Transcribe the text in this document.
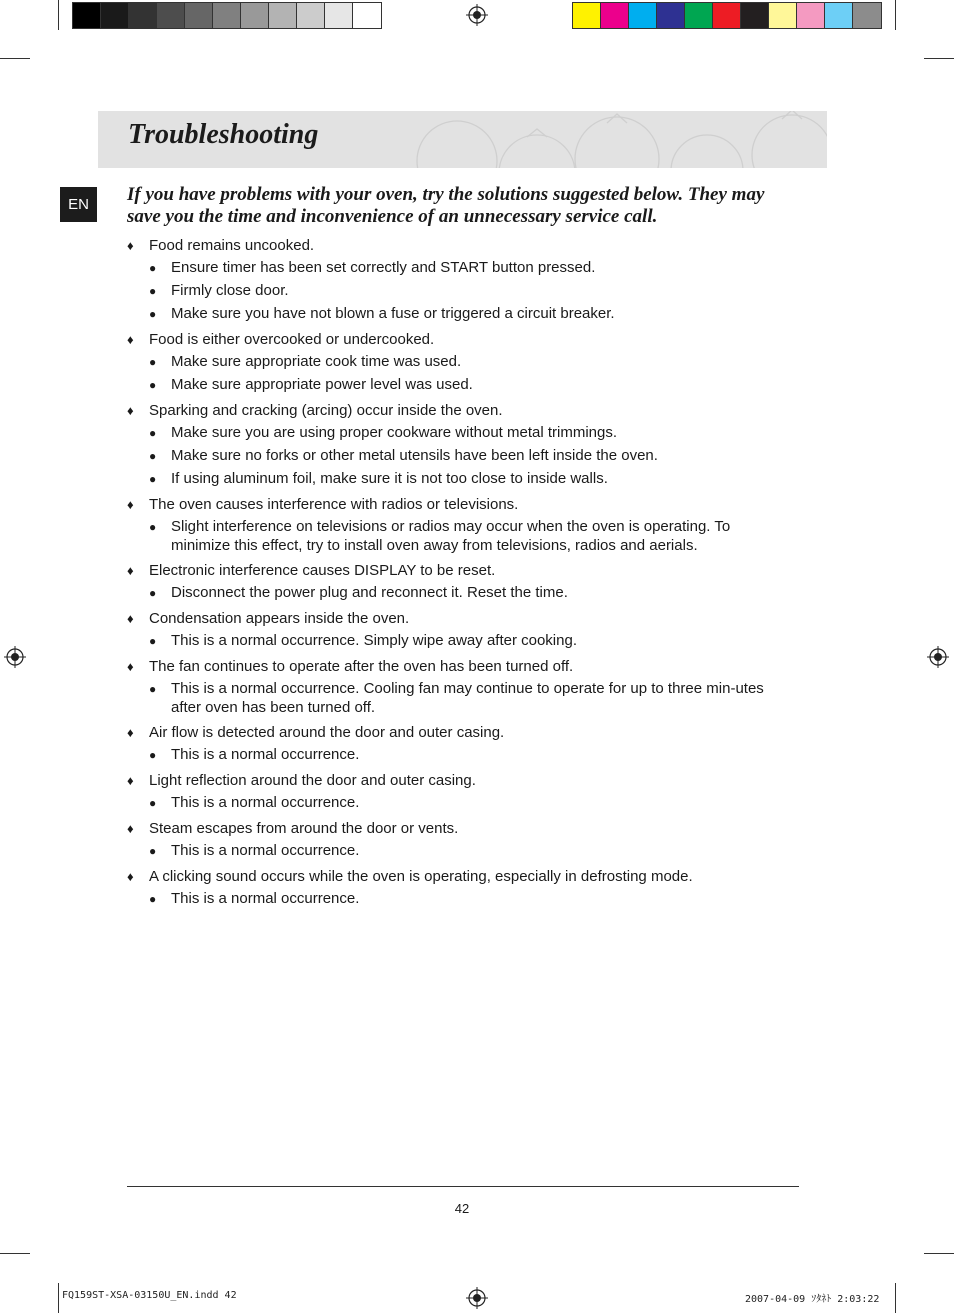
Troubleshooting
EN	If you have problems with your oven, try the solutions suggested below. They may save you the time and inconvenience of an unnecessary service call.
♦	Food remains uncooked.
● Ensure timer has been set correctly and START button pressed.
● Firmly close door.
● Make sure you have not blown a fuse or triggered a circuit breaker.
♦	Food is either overcooked or undercooked.
● Make sure appropriate cook time was used.
● Make sure appropriate power level was used.
♦	Sparking and cracking (arcing) occur inside the oven.
● Make sure you are using proper cookware without metal trimmings.
● Make sure no forks or other metal utensils have been left inside the oven.
● If using aluminum foil, make sure it is not too close to inside walls.
♦	The oven causes interference with radios or televisions.
● Slight interference on televisions or radios may occur when the oven is operating. To minimize this effect, try to install oven away from televisions, radios and aerials.
♦	Electronic interference causes DISPLAY to be reset.
● Disconnect the power plug and reconnect it. Reset the time.
♦	Condensation appears inside the oven.
● This is a normal occurrence. Simply wipe away after cooking.
♦	The fan continues to operate after the oven has been turned off.
● This is a normal occurrence. Cooling fan may continue to operate for up to three min-utes after oven has been turned off.
♦	Air flow is detected around the door and outer casing.
● This is a normal occurrence.
♦	Light reflection around the door and outer casing.
● This is a normal occurrence.
♦	Steam escapes from around the door or vents.
● This is a normal occurrence.
♦	A clicking sound occurs while the oven is operating, especially in defrosting mode.
● This is a normal occurrence.
42
FQ159ST-XSA-03150U_EN.indd 42	2007-04-09 ｿﾀﾈﾄ 2:03:22
